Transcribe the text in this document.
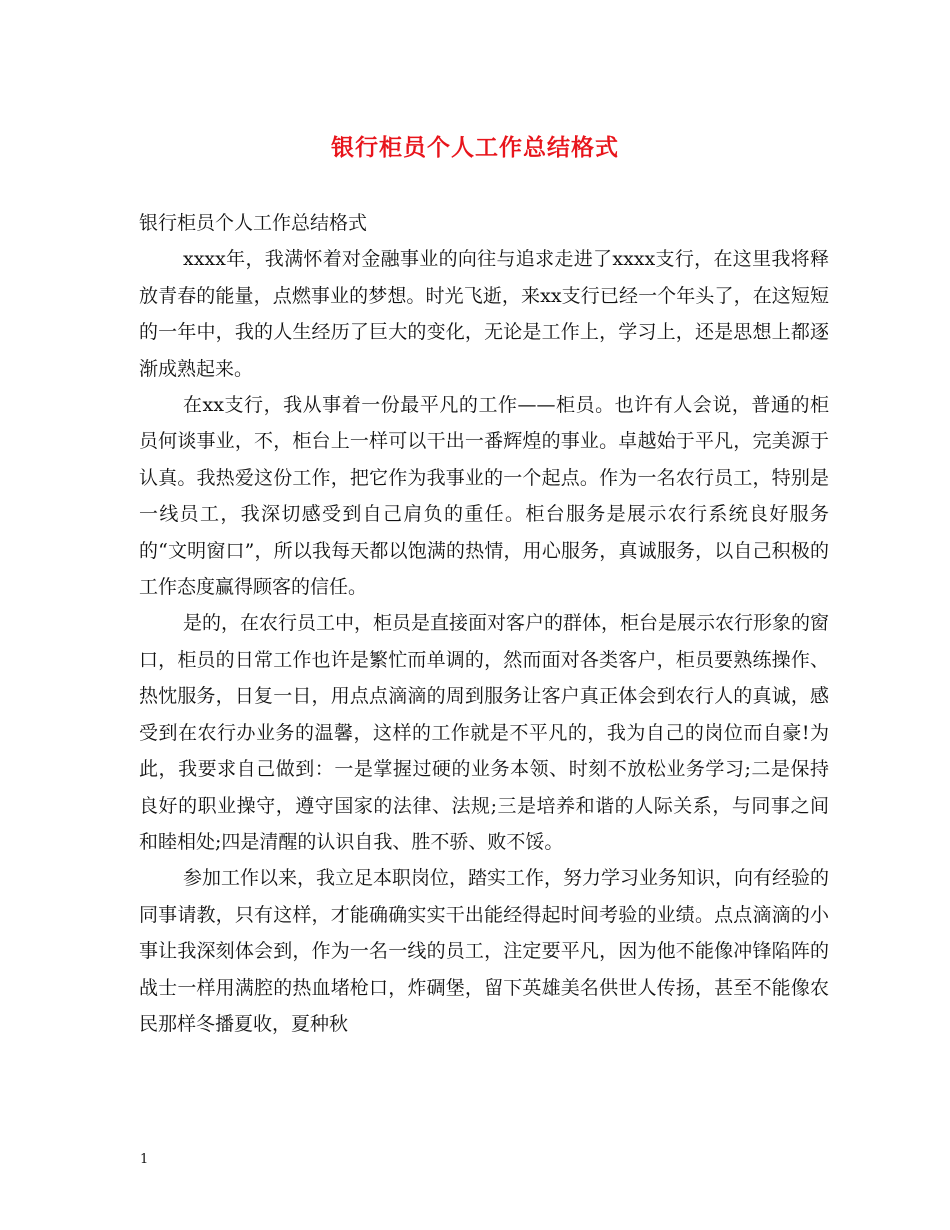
银行柜员个人工作总结格式

银行柜员个人工作总结格式

xxxx年，我满怀着对金融事业的向往与追求走进了xxxx支行，在这里我将释放青春的能量，点燃事业的梦想。时光飞逝，来xx支行已经一个年头了，在这短短的一年中，我的人生经历了巨大的变化，无论是工作上，学习上，还是思想上都逐渐成熟起来。

在xx支行，我从事着一份最平凡的工作——柜员。也许有人会说，普通的柜员何谈事业，不，柜台上一样可以干出一番辉煌的事业。卓越始于平凡，完美源于认真。我热爱这份工作，把它作为我事业的一个起点。作为一名农行员工，特别是一线员工，我深切感受到自己肩负的重任。柜台服务是展示农行系统良好服务的“文明窗口”，所以我每天都以饱满的热情，用心服务，真诚服务，以自己积极的工作态度赢得顾客的信任。

是的，在农行员工中，柜员是直接面对客户的群体，柜台是展示农行形象的窗口，柜员的日常工作也许是繁忙而单调的，然而面对各类客户，柜员要熟练操作、热忱服务，日复一日，用点点滴滴的周到服务让客户真正体会到农行人的真诚，感受到在农行办业务的温馨，这样的工作就是不平凡的，我为自己的岗位而自豪!为此，我要求自己做到：一是掌握过硬的业务本领、时刻不放松业务学习;二是保持良好的职业操守，遵守国家的法律、法规;三是培养和谐的人际关系，与同事之间和睦相处;四是清醒的认识自我、胜不骄、败不馁。

参加工作以来，我立足本职岗位，踏实工作，努力学习业务知识，向有经验的同事请教，只有这样，才能确确实实干出能经得起时间考验的业绩。点点滴滴的小事让我深刻体会到，作为一名一线的员工，注定要平凡，因为他不能像冲锋陷阵的战士一样用满腔的热血堵枪口，炸碉堡，留下英雄美名供世人传扬，甚至不能像农民那样冬播夏收，夏种秋

1
